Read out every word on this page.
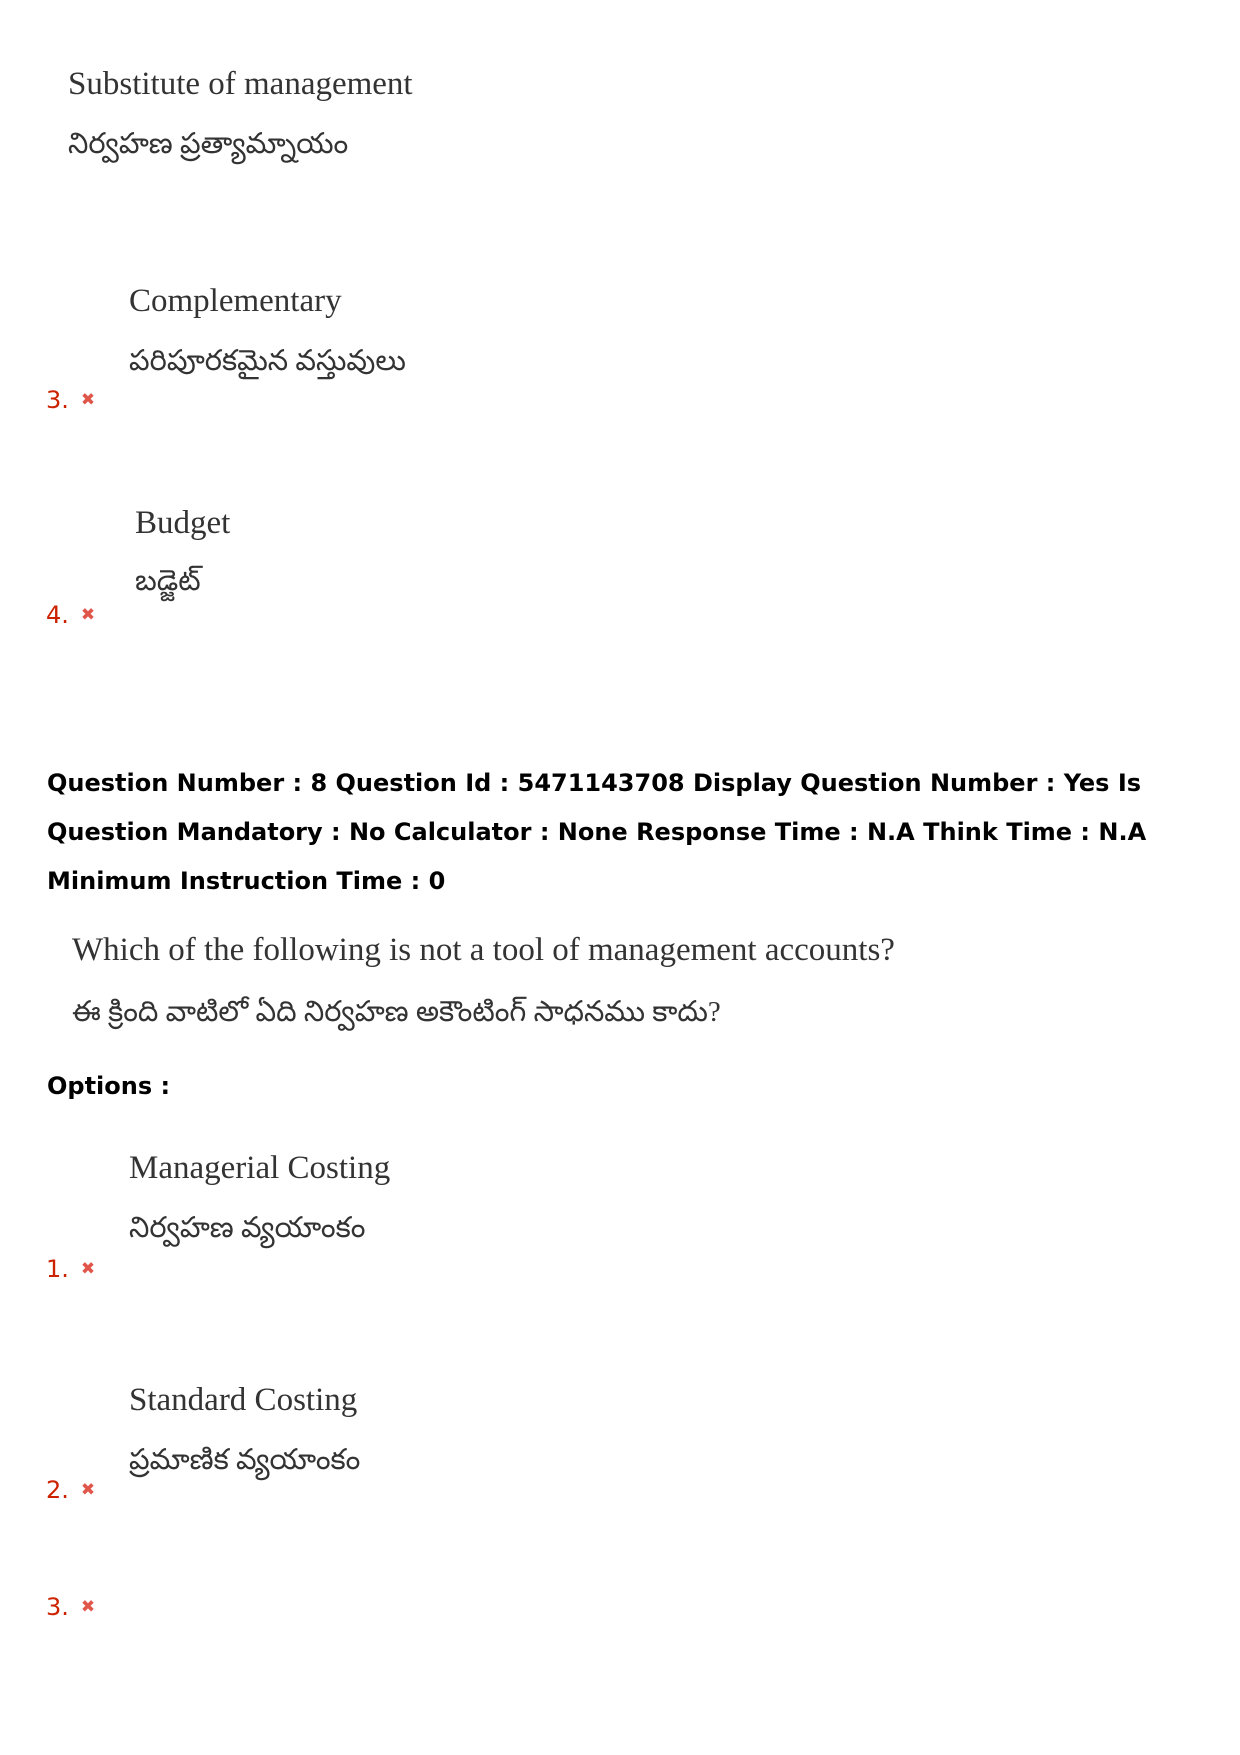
Substitute of management
నిర్వహణ ప్రత్యామ్నాయం
Complementary
పరిపూరకమైన వస్తువులు
3. ✖
Budget
బడ్జెట్
4. ✖
Question Number : 8 Question Id : 5471143708 Display Question Number : Yes Is Question Mandatory : No Calculator : None Response Time : N.A Think Time : N.A Minimum Instruction Time : 0
Which of the following is not a tool of management accounts?
ఈ క్రింది వాటిలో ఏది నిర్వహణ అకౌంటింగ్ సాధనము కాదు?
Options :
Managerial Costing
నిర్వహణ వ్యయాంకం
1. ✖
Standard Costing
ప్రమాణిక వ్యయాంకం
2. ✖
3. ✖
